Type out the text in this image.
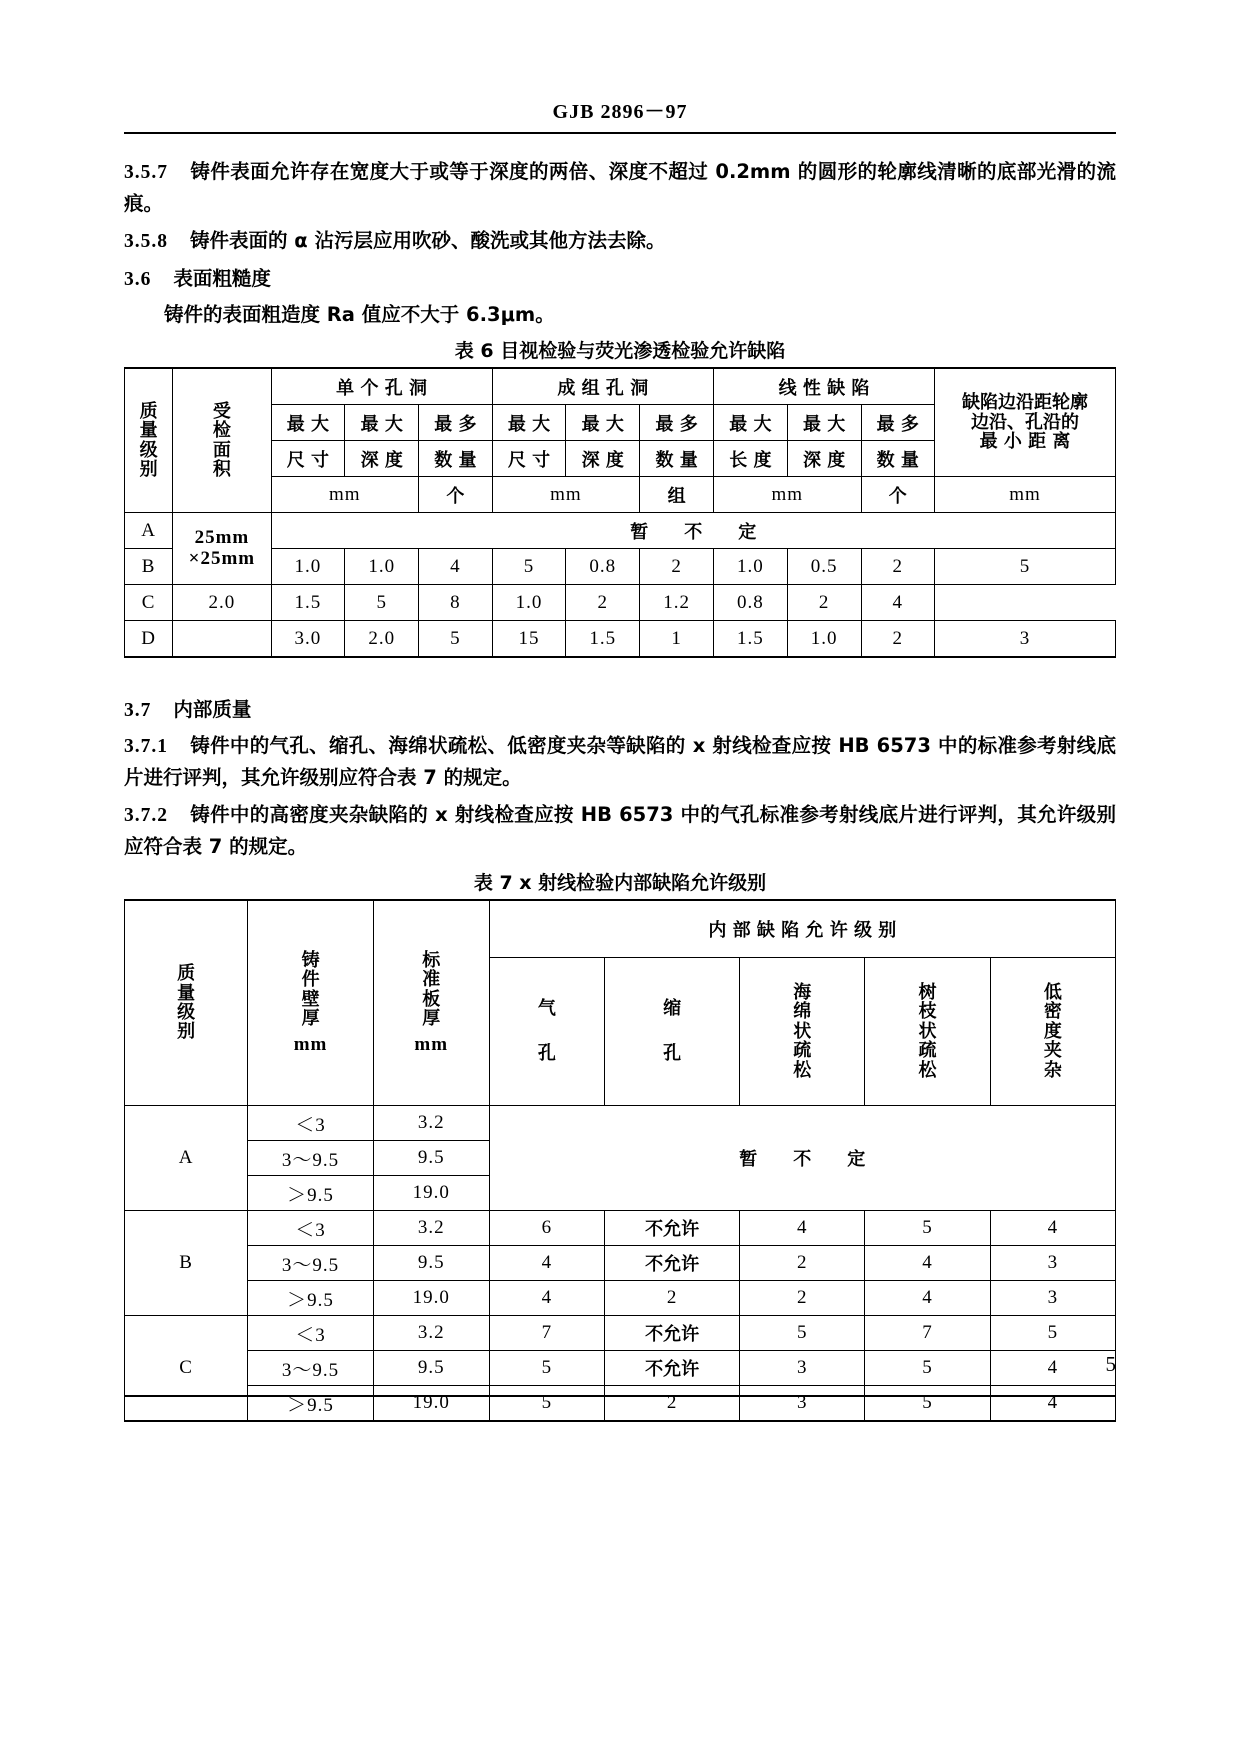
GJB 2896－97

3.5.7 铸件表面允许存在宽度大于或等于深度的两倍、深度不超过 0.2mm 的圆形的轮廓线清晰的底部光滑的流痕。

3.5.8 铸件表面的 α 沾污层应用吹砂、酸洗或其他方法去除。

3.6 表面粗糙度

铸件的表面粗造度 Ra 值应不大于 6.3μm。

表 6 目视检验与荧光渗透检验允许缺陷
质
量
级
别	受
检
面
积	单 个 孔 洞			成 组 孔 洞			线 性 缺 陷			缺陷边沿距轮廓
边沿、孔沿的
最 小 距 离

		最 大	最 大	最 多	最 大	最 大	最 多	最 大	最 大	最 多	
		尺 寸	深 度	数 量	尺 寸	深 度	数 量	长 度	深 度	数 量	
		mm		个	mm		组	mm		个	mm
A	25mm
×25mm	暂　　不　　定									
B		1.0	1.0	4	5	0.8	2	1.0	0.5	2	5
C	2.0	1.5	5	8	1.0	2	1.2	0.8	2	4	
D		3.0	2.0	5	15	1.5	1	1.5	1.0	2	3

3.7 内部质量

3.7.1 铸件中的气孔、缩孔、海绵状疏松、低密度夹杂等缺陷的 x 射线检查应按 HB 6573 中的标准参考射线底片进行评判，其允许级别应符合表 7 的规定。

3.7.2 铸件中的高密度夹杂缺陷的 x 射线检查应按 HB 6573 中的气孔标准参考射线底片进行评判，其允许级别应符合表 7 的规定。

表 7 x 射线检验内部缺陷允许级别
质
量
级
别	铸
件
壁
厚
mm	标
准
板
厚
mm	内 部 缺 陷 允 许 级 别				

			气
孔	缩
孔	海
绵
状
疏
松	树
枝
状
疏
松	低
密
度
夹
杂

A	＜3	3.2	暂　　不　　定				
	3～9.5	9.5					
	＞9.5	19.0					
B	＜3	3.2	6	不允许	4	5	4
	3～9.5	9.5	4	不允许	2	4	3
	＞9.5	19.0	4	2	2	4	3
C	＜3	3.2	7	不允许	5	7	5
	3～9.5	9.5	5	不允许	3	5	4
	＞9.5	19.0	5	2	3	5	4
5
